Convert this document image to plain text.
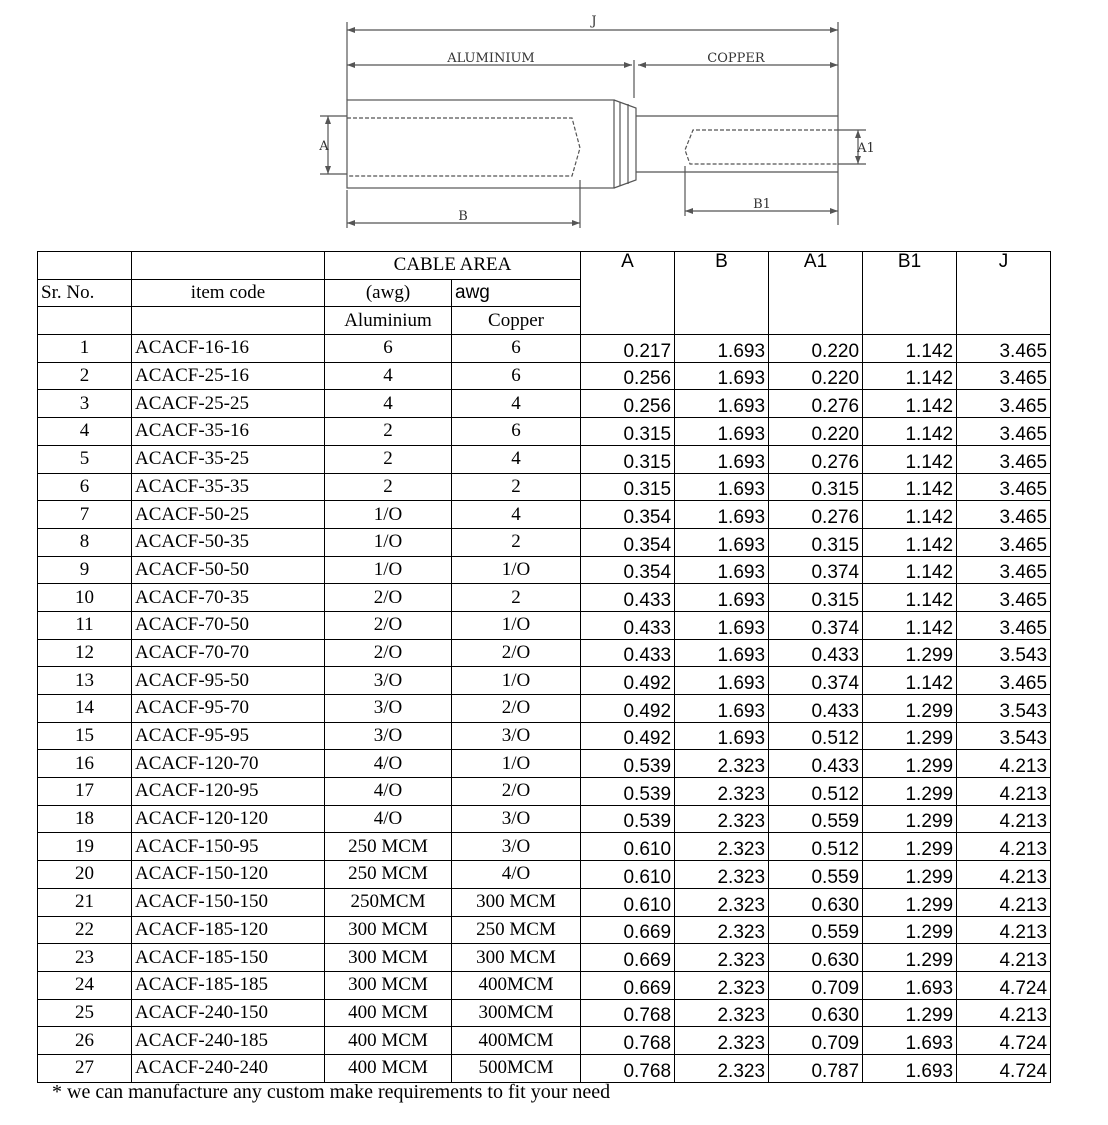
J
ALUMINIUM	COPPER
A	A1
B
B1
		CABLE AREA		A	B	A1	B1	J
Sr. No.	item code	(awg)	awg					
		Aluminium	Copper					
1	ACACF-16-16	6	6	0.217	1.693	0.220	1.142	3.465
2	ACACF-25-16	4	6	0.256	1.693	0.220	1.142	3.465
3	ACACF-25-25	4	4	0.256	1.693	0.276	1.142	3.465
4	ACACF-35-16	2	6	0.315	1.693	0.220	1.142	3.465
5	ACACF-35-25	2	4	0.315	1.693	0.276	1.142	3.465
6	ACACF-35-35	2	2	0.315	1.693	0.315	1.142	3.465
7	ACACF-50-25	1/O	4	0.354	1.693	0.276	1.142	3.465
8	ACACF-50-35	1/O	2	0.354	1.693	0.315	1.142	3.465
9	ACACF-50-50	1/O	1/O	0.354	1.693	0.374	1.142	3.465
10	ACACF-70-35	2/O	2	0.433	1.693	0.315	1.142	3.465
11	ACACF-70-50	2/O	1/O	0.433	1.693	0.374	1.142	3.465
12	ACACF-70-70	2/O	2/O	0.433	1.693	0.433	1.299	3.543
13	ACACF-95-50	3/O	1/O	0.492	1.693	0.374	1.142	3.465
14	ACACF-95-70	3/O	2/O	0.492	1.693	0.433	1.299	3.543
15	ACACF-95-95	3/O	3/O	0.492	1.693	0.512	1.299	3.543
16	ACACF-120-70	4/O	1/O	0.539	2.323	0.433	1.299	4.213
17	ACACF-120-95	4/O	2/O	0.539	2.323	0.512	1.299	4.213
18	ACACF-120-120	4/O	3/O	0.539	2.323	0.559	1.299	4.213
19	ACACF-150-95	250 MCM	3/O	0.610	2.323	0.512	1.299	4.213
20	ACACF-150-120	250 MCM	4/O	0.610	2.323	0.559	1.299	4.213
21	ACACF-150-150	250MCM	300 MCM	0.610	2.323	0.630	1.299	4.213
22	ACACF-185-120	300 MCM	250 MCM	0.669	2.323	0.559	1.299	4.213
23	ACACF-185-150	300 MCM	300 MCM	0.669	2.323	0.630	1.299	4.213
24	ACACF-185-185	300 MCM	400MCM	0.669	2.323	0.709	1.693	4.724
25	ACACF-240-150	400 MCM	300MCM	0.768	2.323	0.630	1.299	4.213
26	ACACF-240-185	400 MCM	400MCM	0.768	2.323	0.709	1.693	4.724
27	ACACF-240-240	400 MCM	500MCM	0.768	2.323	0.787	1.693	4.724
* we can manufacture any custom make requirements to fit your need
